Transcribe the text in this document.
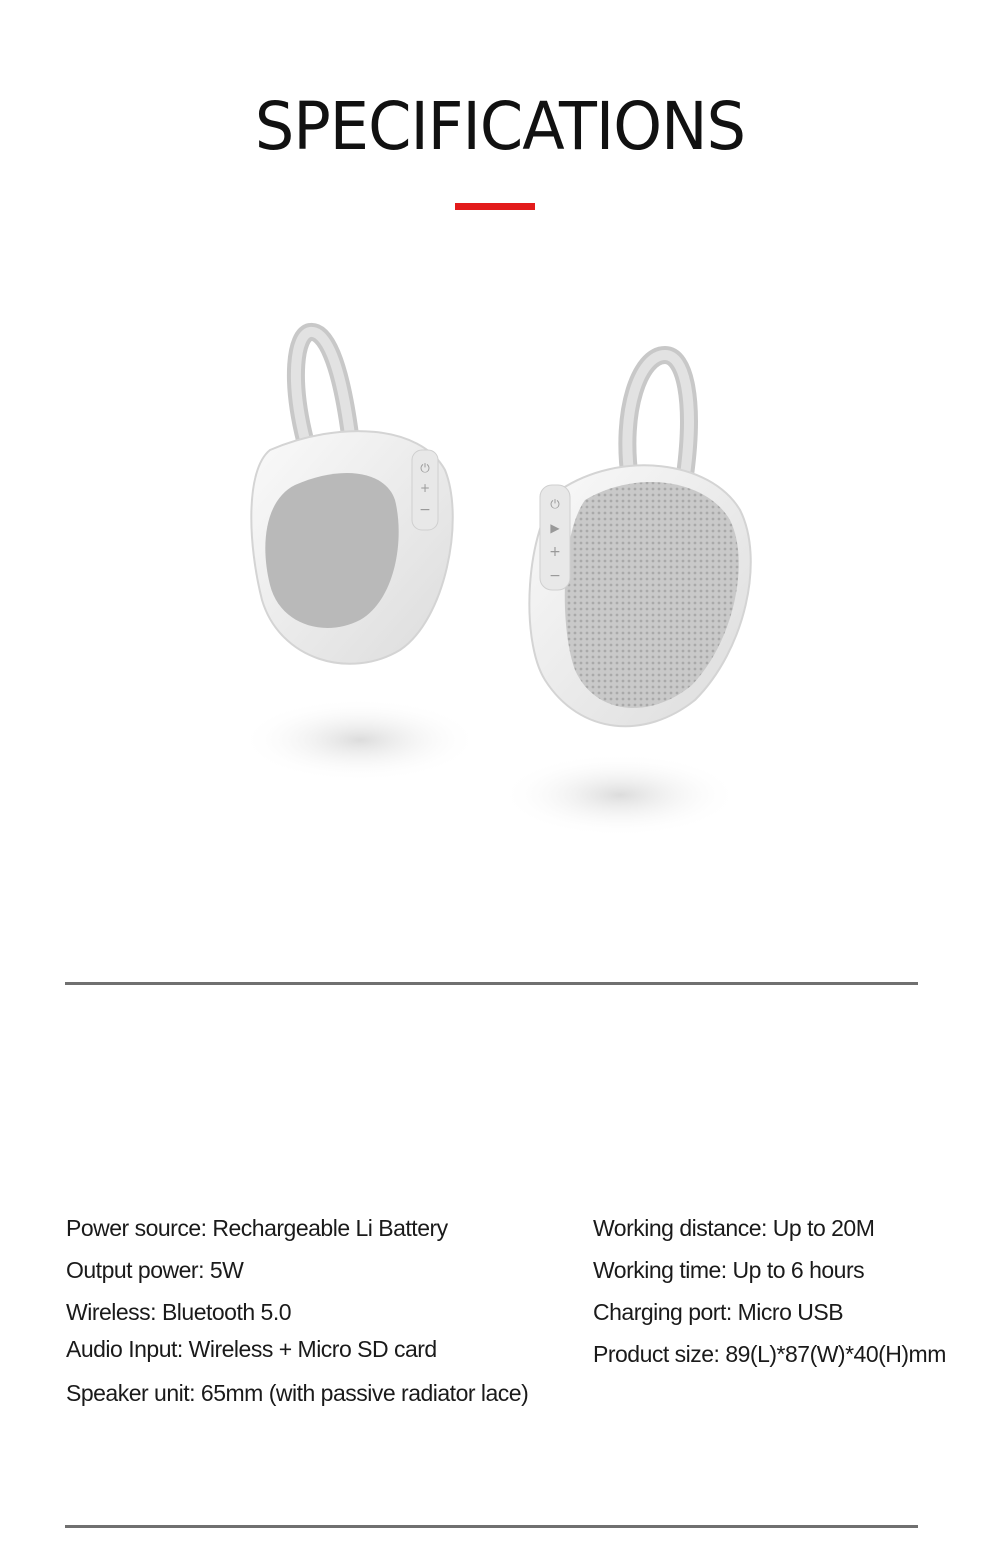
SPECIFICATIONS
⏻
+
−	⏻
▶
+
−
Power source: Rechargeable Li Battery
Output power: 5W
Wireless: Bluetooth 5.0
Audio Input: Wireless + Micro SD card
Speaker unit: 65mm (with passive radiator lace)
Working distance: Up to 20M
Working time: Up to 6 hours
Charging port: Micro USB
Product size: 89(L)*87(W)*40(H)mm
